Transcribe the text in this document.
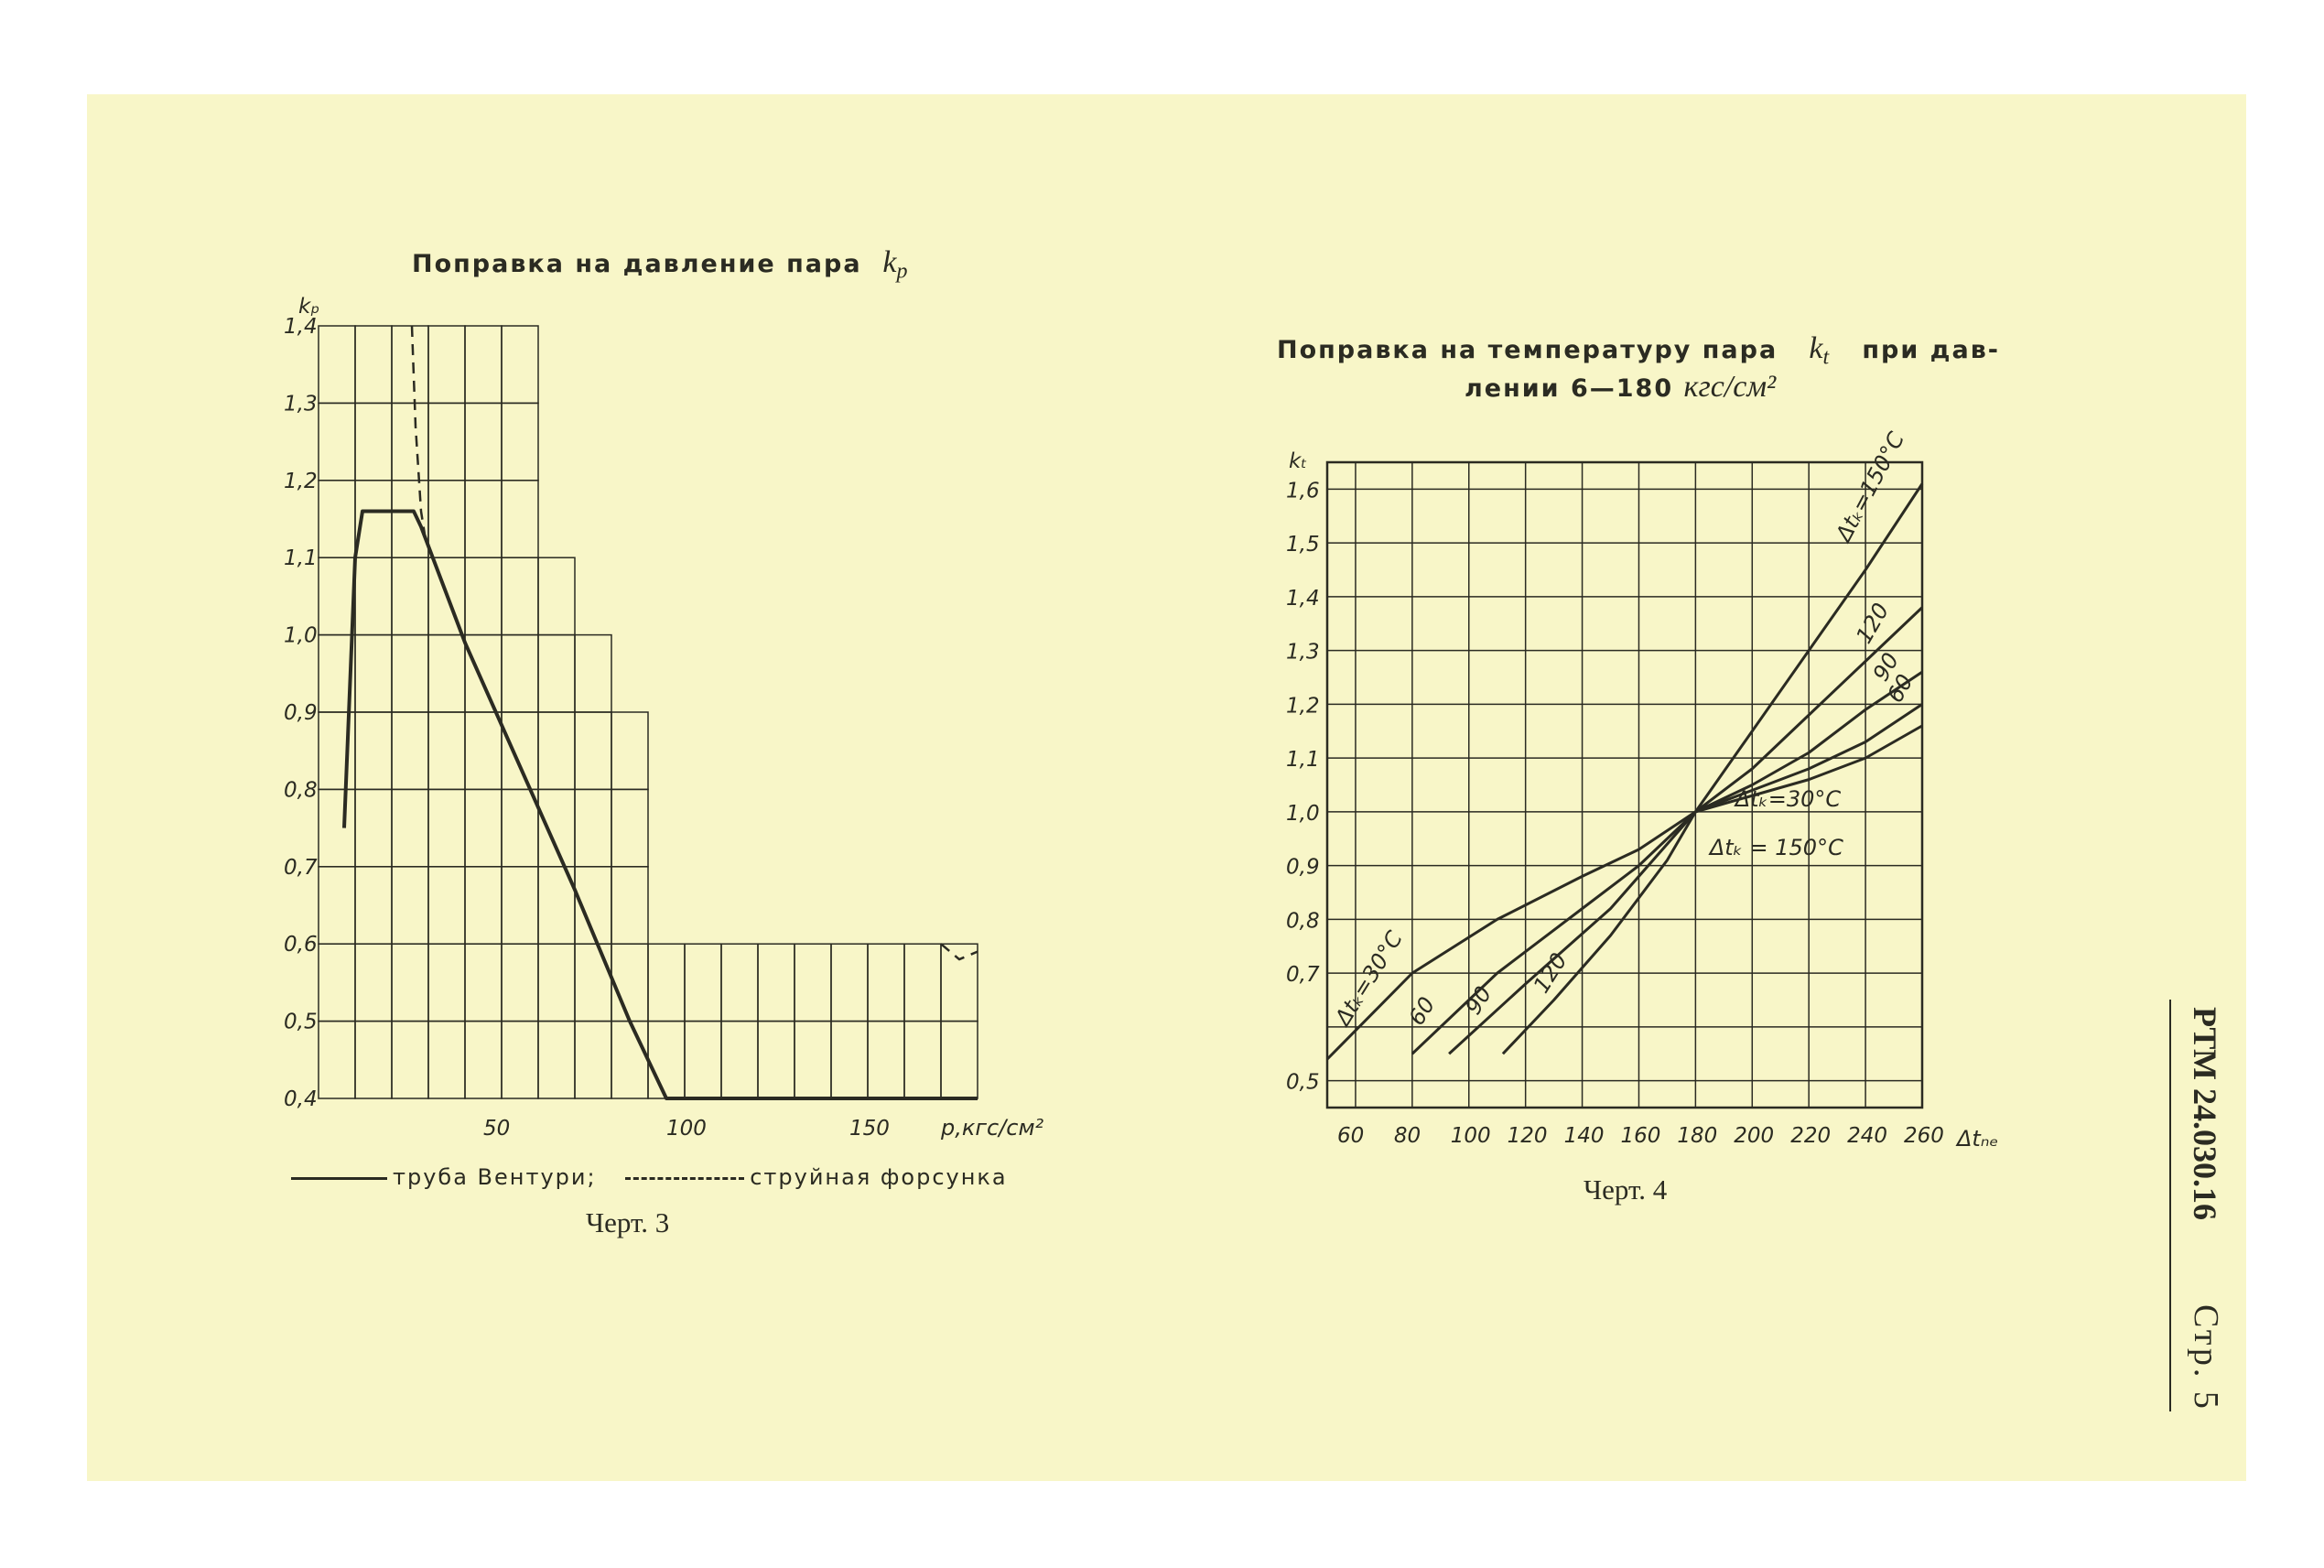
0,4
0,5
0,6
0,7
0,8
0,9
1,0
1,1
1,2
1,3
1,4
kₚ
50	100	150 p,кгс/см²
1,6
1,5
1,4
1,3
1,2
1,1
1,0
0,9
0,8
0,7
0,5
kₜ
60 80 100 120 140 160 180 200 220 240 260 Δtₙₑ
Δtₖ=150°С
120
90
60
Δtₖ=30°С
60 90
120
Δtₖ=30°С
Δtₖ = 150°С
Поправка на давление пара $k_p$
труба Вентури;	струйная форсунка
Черт. 3
Поправка на температуру пара $k_t$ при дав-
лении 6—180 кгс/см²
Черт. 4	РТМ 24.030.16
Стр. 5
